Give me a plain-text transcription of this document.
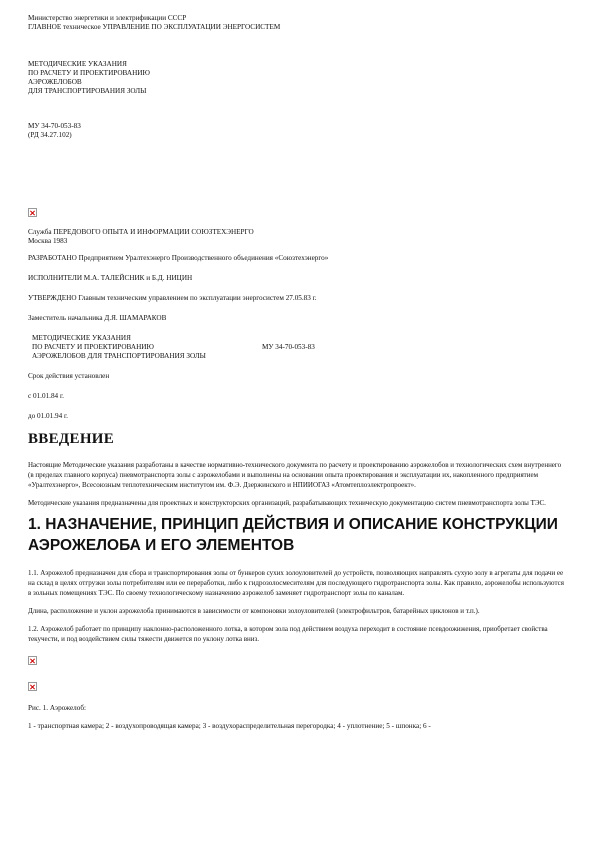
Министерство энергетики и электрификации СССР
ГЛАВНОЕ техническое УПРАВЛЕНИЕ ПО ЭКСПЛУАТАЦИИ ЭНЕРГОСИСТЕМ
МЕТОДИЧЕСКИЕ УКАЗАНИЯ
ПО РАСЧЕТУ И ПРОЕКТИРОВАНИЮ
АЭРОЖЕЛОБОВ
ДЛЯ ТРАНСПОРТИРОВАНИЯ ЗОЛЫ
МУ 34-70-053-83
(РД 34.27.102)
Служба ПЕРЕДОВОГО ОПЫТА И ИНФОРМАЦИИ СОЮЗТЕХЭНЕРГО
Москва 1983
РАЗРАБОТАНО Предприятием Уралтехэнерго Производственного объединения «Союзтехэнерго»
ИСПОЛНИТЕЛИ М.А. ТАЛЕЙСНИК и Б.Д. НИЦИН
УТВЕРЖДЕНО Главным техническим управлением по эксплуатации энергосистем 27.05.83 г.
Заместитель начальника Д.Я. ШАМАРАКОВ
МЕТОДИЧЕСКИЕ УКАЗАНИЯ
ПО РАСЧЕТУ И ПРОЕКТИРОВАНИЮ
АЭРОЖЕЛОБОВ ДЛЯ ТРАНСПОРТИРОВАНИЯ ЗОЛЫ
МУ 34-70-053-83
Срок действия установлен
с 01.01.84 г.
до 01.01.94 г.
ВВЕДЕНИЕ
Настоящие Методические указания разработаны в качестве нормативно-технического документа по расчету и проектированию аэрожелобов и технологических схем внутреннего (в пределах главного корпуса) пневмотранспорта золы с аэрожелобами и выполнены на основании опыта проектирования и эксплуатации их, накопленного предприятием «Уралтехэнерго», Всесоюзным теплотехническим институтом им. Ф.Э. Дзержинского и НПИИОГАЗ «Атомтеплоэлектропроект».
Методические указания предназначены для проектных и конструкторских организаций, разрабатывающих техническую документацию систем пневмотранспорта золы ТЭС.
1. НАЗНАЧЕНИЕ, ПРИНЦИП ДЕЙСТВИЯ И ОПИСАНИЕ КОНСТРУКЦИИ АЭРОЖЕЛОБА И ЕГО ЭЛЕМЕНТОВ
1.1. Аэрожелоб предназначен для сбора и транспортирования золы от бункеров сухих золоуловителей до устройств, позволяющих направлять сухую золу в агрегаты для подачи ее на склад в целях отгрузки золы потребителям или ее переработки, либо к гидрозолосмесителям для последующего гидротранспорта золы. Как правило, аэрожелобы используются в зольных помещениях ТЭС. По своему технологическому назначению аэрожелоб заменяет гидротранспорт золы по каналам.
Длина, расположение и уклон аэрожелоба принимаются в зависимости от компоновки золоуловителей (электрофильтров, батарейных циклонов и т.п.).
1.2. Аэрожелоб работает по принципу наклонно-расположенного лотка, в котором зола под действием воздуха переходит в состояние псевдоожижения, приобретает свойства текучести, и под воздействием силы тяжести движется по уклону лотка вниз.
Рис. 1. Аэрожелоб:
1 - транспортная камера; 2 - воздухопроводящая камера; 3 - воздухораспределительная перегородка; 4 - уплотнение; 5 - шпонка; 6 -
